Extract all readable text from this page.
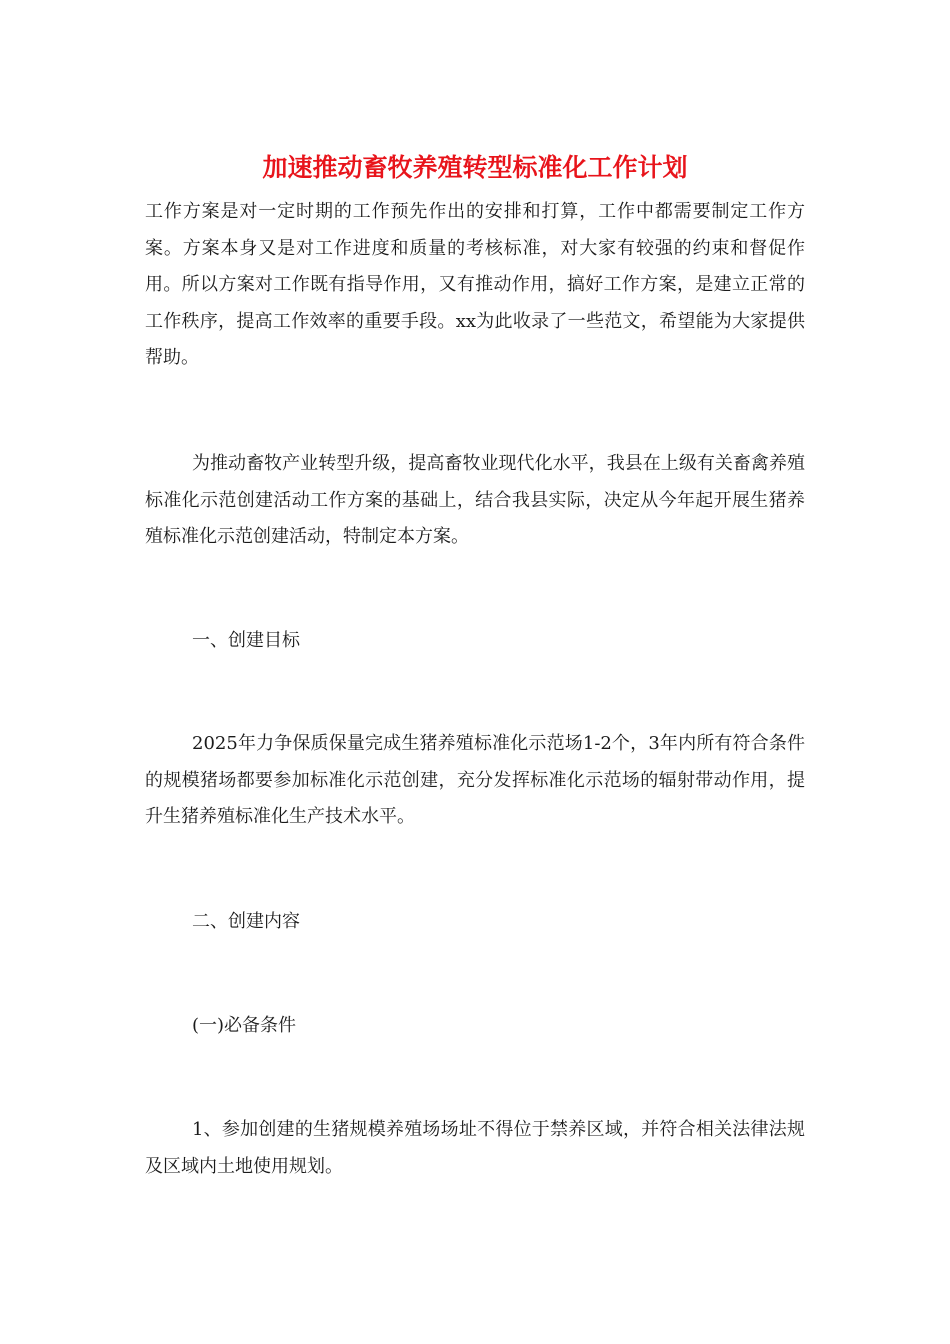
加速推动畜牧养殖转型标准化工作计划

工作方案是对一定时期的工作预先作出的安排和打算，工作中都需要制定工作方案。方案本身又是对工作进度和质量的考核标准，对大家有较强的约束和督促作用。所以方案对工作既有指导作用，又有推动作用，搞好工作方案，是建立正常的工作秩序，提高工作效率的重要手段。xx为此收录了一些范文，希望能为大家提供帮助。

为推动畜牧产业转型升级，提高畜牧业现代化水平，我县在上级有关畜禽养殖标准化示范创建活动工作方案的基础上，结合我县实际，决定从今年起开展生猪养殖标准化示范创建活动，特制定本方案。

一、创建目标

2025年力争保质保量完成生猪养殖标准化示范场1-2个，3年内所有符合条件的规模猪场都要参加标准化示范创建，充分发挥标准化示范场的辐射带动作用，提升生猪养殖标准化生产技术水平。

二、创建内容

(一)必备条件

1、参加创建的生猪规模养殖场场址不得位于禁养区域，并符合相关法律法规及区域内土地使用规划。
